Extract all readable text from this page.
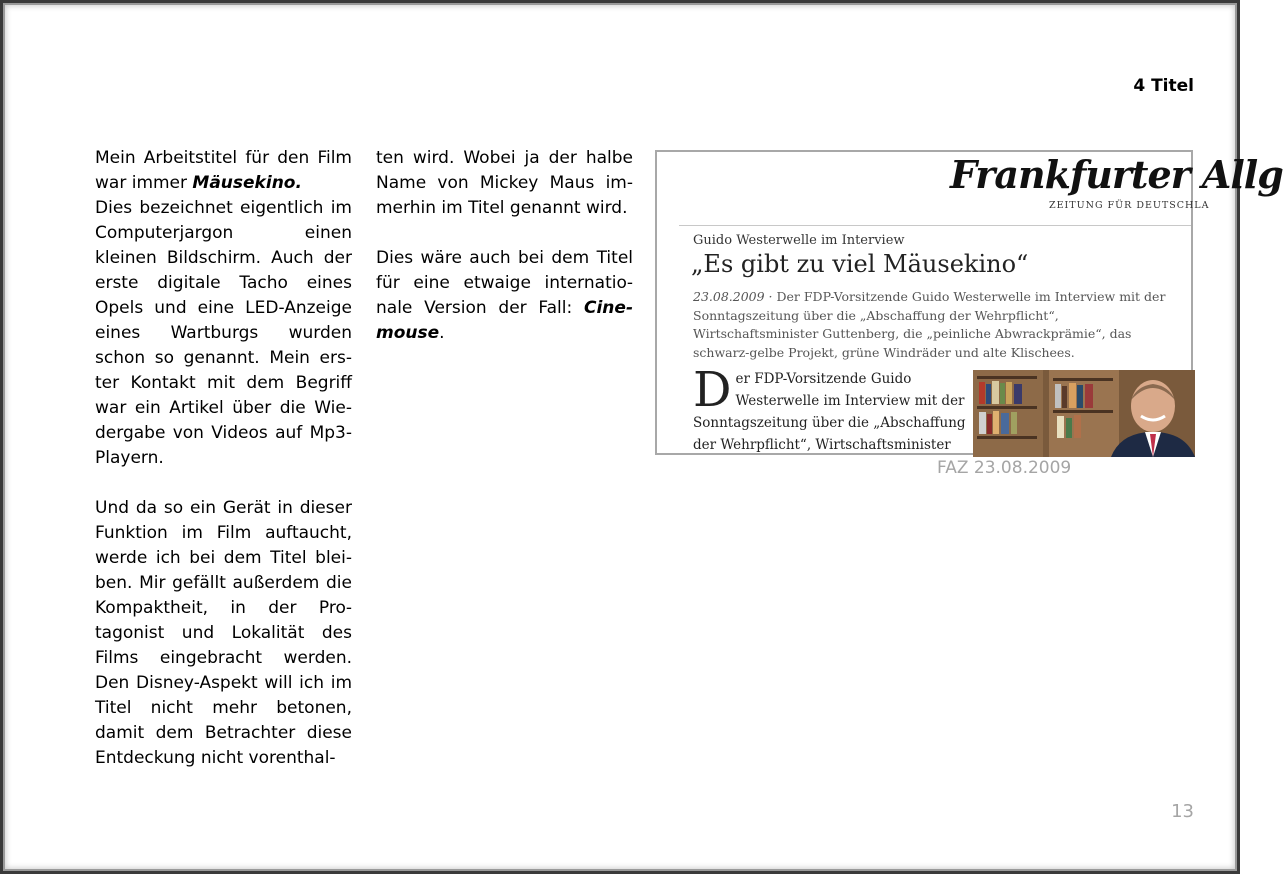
4 Titel

Mein Arbeitstitel für den Film war immer Mäusekino.
Dies bezeichnet eigentlich im Computerjargon einen kleinen Bildschirm. Auch der erste digitale Tacho eines Opels und eine LED-Anzeige eines Wartburgs wurden schon so genannt. Mein erster Kontakt mit dem Begriff war ein Artikel über die Wiedergabe von Videos auf Mp3-Playern.

Und da so ein Gerät in dieser Funktion im Film auftaucht, werde ich bei dem Titel bleiben. Mir gefällt außerdem die Kompaktheit, in der Protagonist und Lokalität des Films eingebracht werden. Den Disney-Aspekt will ich im Titel nicht mehr betonen, damit dem Betrachter diese Entdeckung nicht vorenthal-

ten wird. Wobei ja der halbe Name von Mickey Maus immerhin im Titel genannt wird.

Dies wäre auch bei dem Titel für eine etwaige internationale Version der Fall: Cinemouse.

Frankfurter Allg
ZEITUNG FÜR DEUTSCHLA
Guido Westerwelle im Interview
„Es gibt zu viel Mäusekino“
23.08.2009 · Der FDP-Vorsitzende Guido Westerwelle im Interview mit der Sonntagszeitung über die „Abschaffung der Wehrpflicht“, Wirtschaftsminister Guttenberg, die „peinliche Abwrackprämie“, das schwarz-gelbe Projekt, grüne Windräder und alte Klischees.
Der FDP-Vorsitzende Guido Westerwelle im Interview mit der Sonntagszeitung über die „Abschaffung der Wehrpflicht“, Wirtschaftsminister
FAZ 23.08.2009
13
